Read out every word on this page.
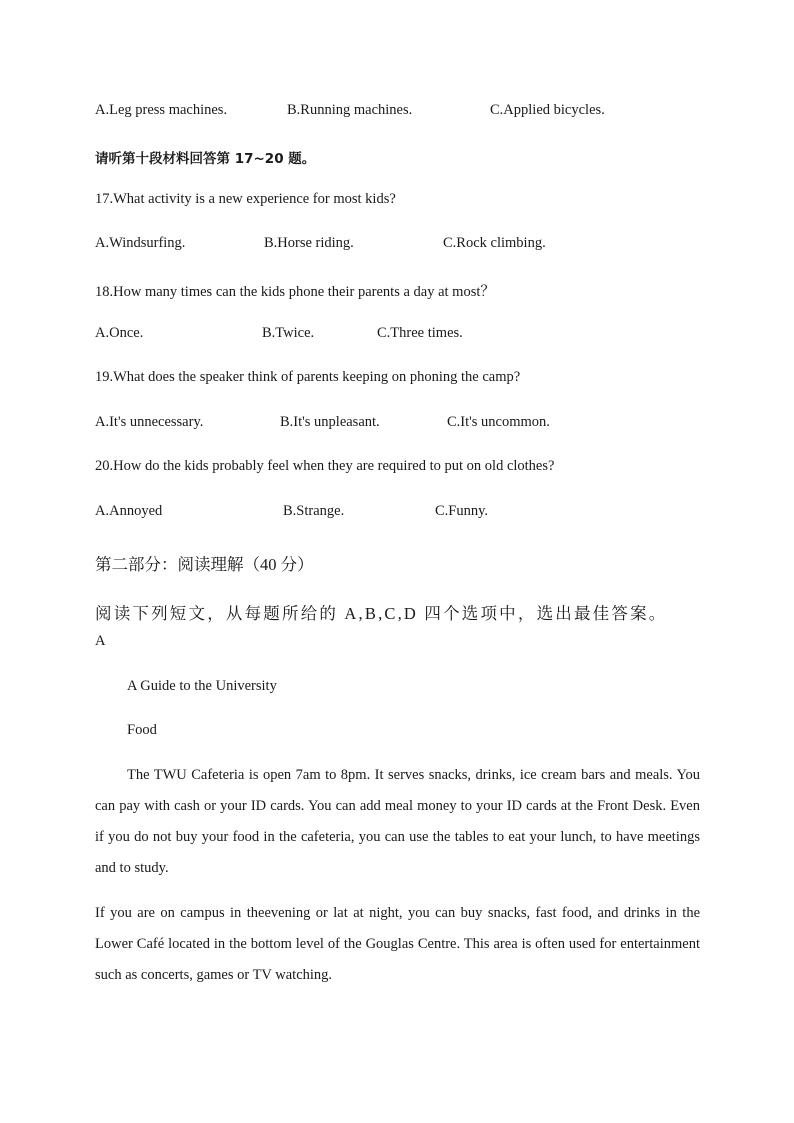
A.Leg press machines.	B.Running machines.	C.Applied bicycles.
请听第十段材料回答第 17~20 题。
17.What activity is a new experience for most kids?
A.Windsurfing.	B.Horse riding.	C.Rock climbing.
18.How many times can the kids phone their parents a day at most？
A.Once.	B.Twice.	C.Three times.
19.What does the speaker think of parents keeping on phoning the camp?
A.It's unnecessary.	B.It's unpleasant.	C.It's uncommon.
20.How do the kids probably feel when they are required to put on old clothes?
A.Annoyed	B.Strange.	C.Funny.
第二部分：阅读理解（40 分）
阅读下列短文，从每题所给的 A,B,C,D 四个选项中，选出最佳答案。
A
A Guide to the University
Food
The TWU Cafeteria is open 7am to 8pm. It serves snacks, drinks, ice cream bars and meals. You can pay with cash or your ID cards. You can add meal money to your ID cards at the Front Desk. Even if you do not buy your food in the cafeteria, you can use the tables to eat your lunch, to have meetings and to study.
If you are on campus in theevening or lat at night, you can buy snacks, fast food, and drinks in the Lower Café located in the bottom level of the Gouglas Centre. This area is often used for entertainment such as concerts, games or TV watching.
